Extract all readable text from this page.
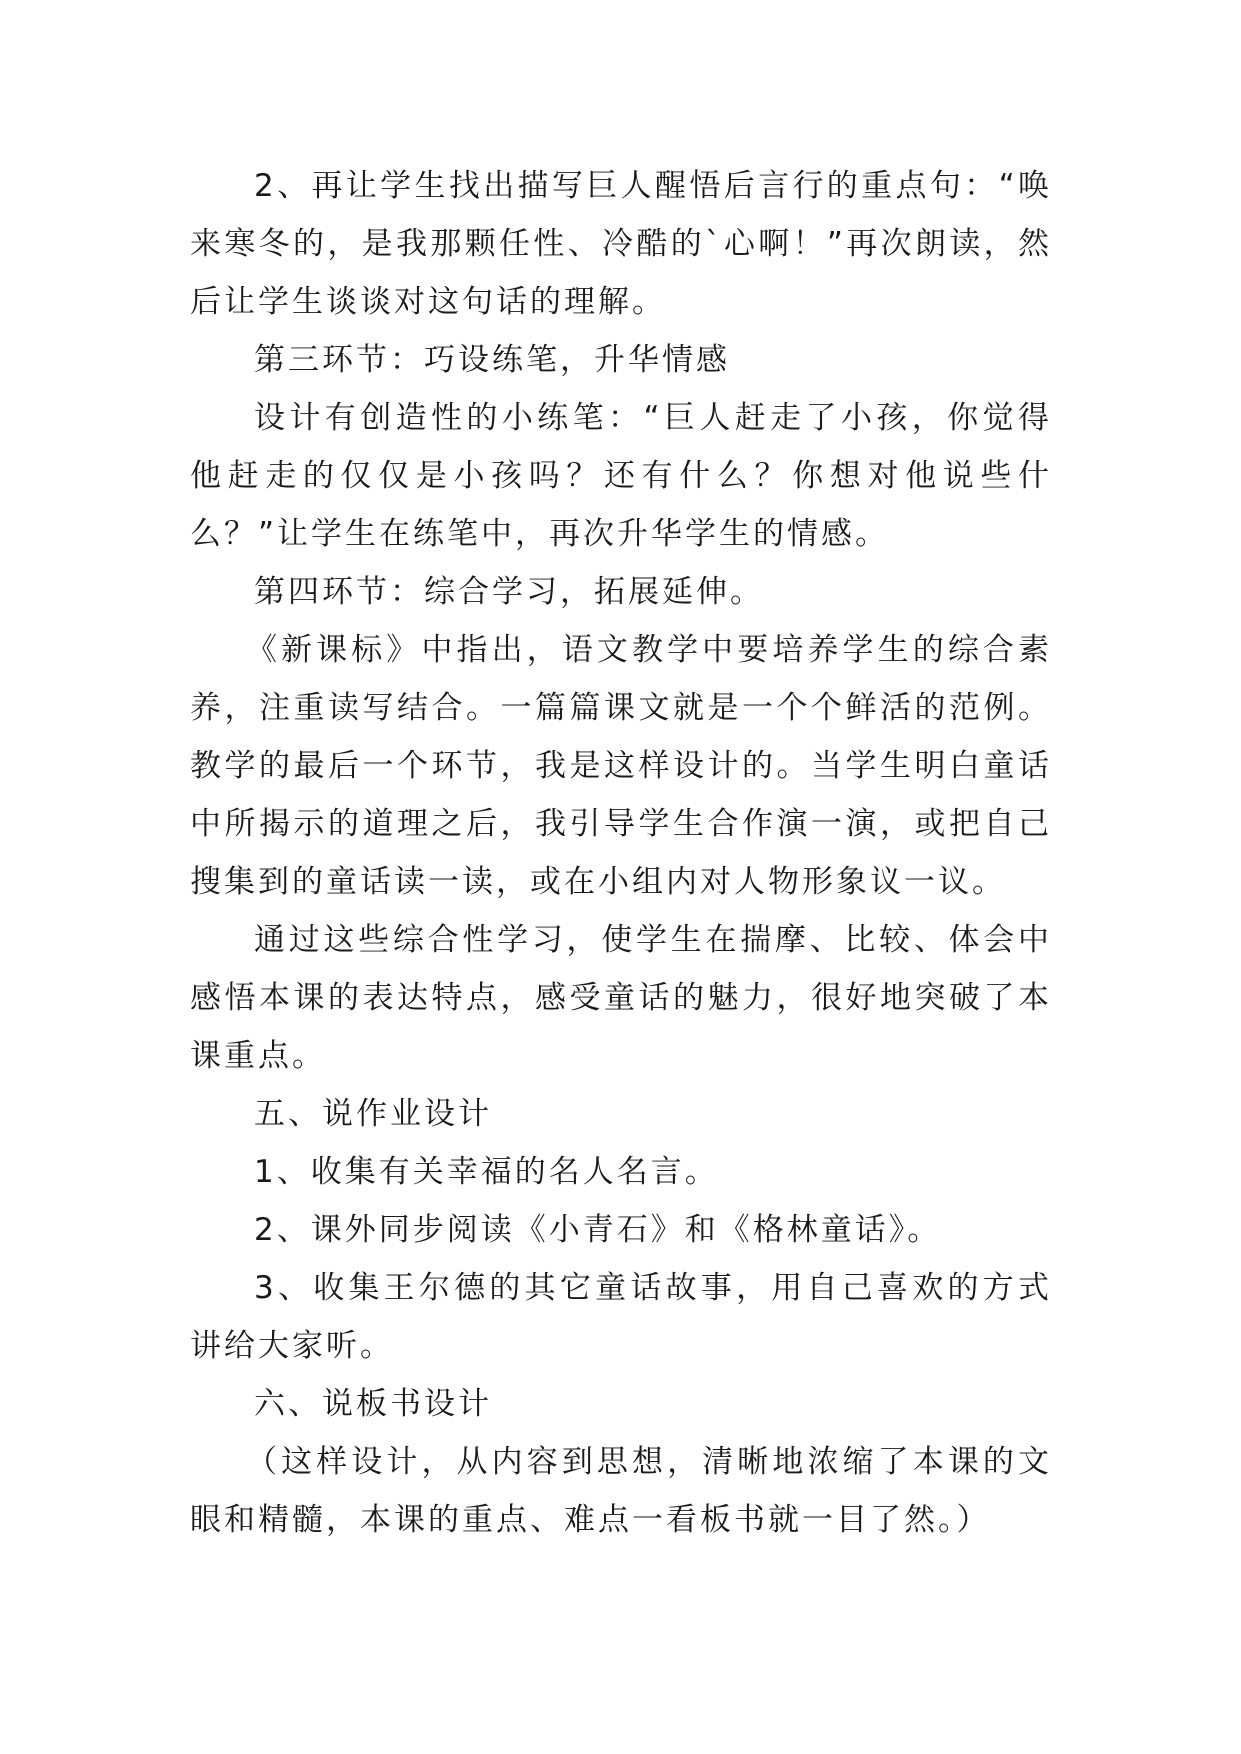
2、再让学生找出描写巨人醒悟后言行的重点句：“唤来寒冬的，是我那颗任性、冷酷的`心啊！”再次朗读，然后让学生谈谈对这句话的理解。

第三环节：巧设练笔，升华情感

设计有创造性的小练笔：“巨人赶走了小孩，你觉得他赶走的仅仅是小孩吗？还有什么？你想对他说些什么？”让学生在练笔中，再次升华学生的情感。

第四环节：综合学习，拓展延伸。

《新课标》中指出，语文教学中要培养学生的综合素养，注重读写结合。一篇篇课文就是一个个鲜活的范例。教学的最后一个环节，我是这样设计的。当学生明白童话中所揭示的道理之后，我引导学生合作演一演，或把自己搜集到的童话读一读，或在小组内对人物形象议一议。

通过这些综合性学习，使学生在揣摩、比较、体会中感悟本课的表达特点，感受童话的魅力，很好地突破了本课重点。

五、说作业设计

1、收集有关幸福的名人名言。

2、课外同步阅读《小青石》和《格林童话》。

3、收集王尔德的其它童话故事，用自己喜欢的方式讲给大家听。

六、说板书设计

（这样设计，从内容到思想，清晰地浓缩了本课的文眼和精髓，本课的重点、难点一看板书就一目了然。）
